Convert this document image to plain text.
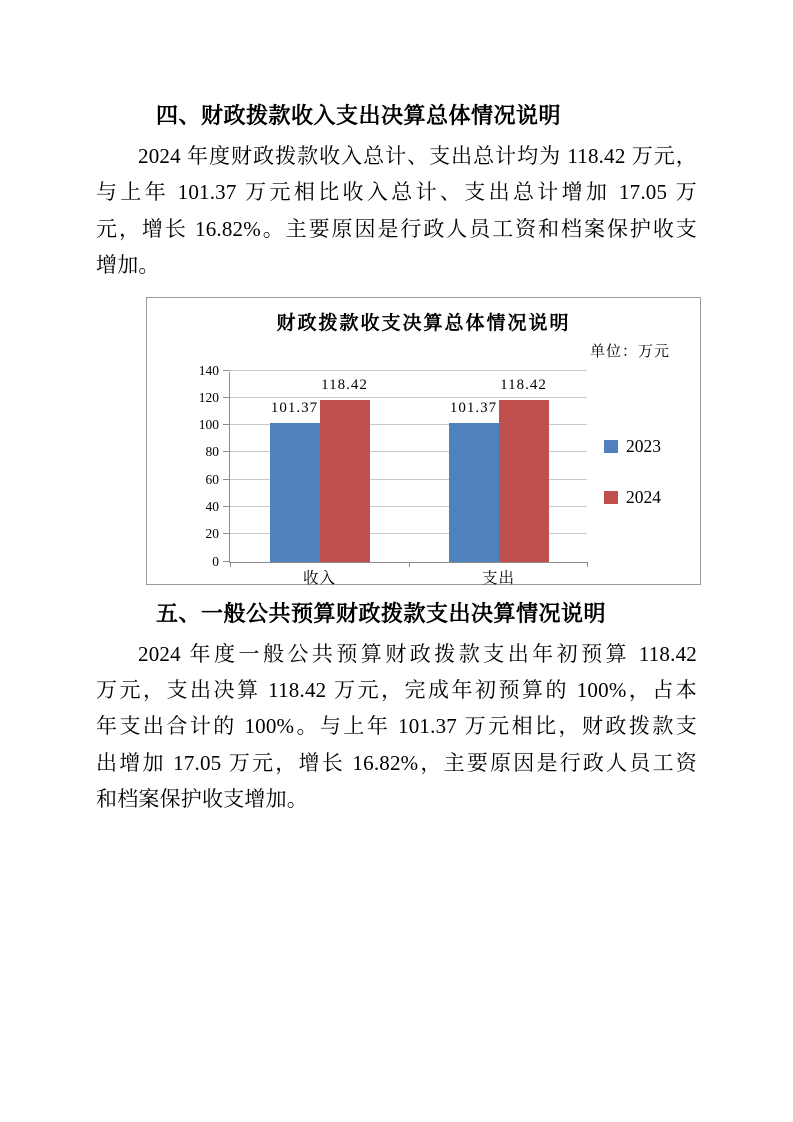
四、财政拨款收入支出决算总体情况说明
2024 年度财政拨款收入总计、支出总计均为 118.42 万元，
与上年 101.37 万元相比收入总计、支出总计增加 17.05 万
元，增长 16.82%。主要原因是行政人员工资和档案保护收支
增加。
财政拨款收支决算总体情况说明
单位：万元
0
20
40
60
80
100
120
140
101.37
118.42
收入
101.37
118.42
支出
2023
2024
五、一般公共预算财政拨款支出决算情况说明
2024 年度一般公共预算财政拨款支出年初预算 118.42
万元，支出决算 118.42 万元，完成年初预算的 100%，占本
年支出合计的 100%。与上年 101.37 万元相比，财政拨款支
出增加 17.05 万元，增长 16.82%，主要原因是行政人员工资
和档案保护收支增加。
